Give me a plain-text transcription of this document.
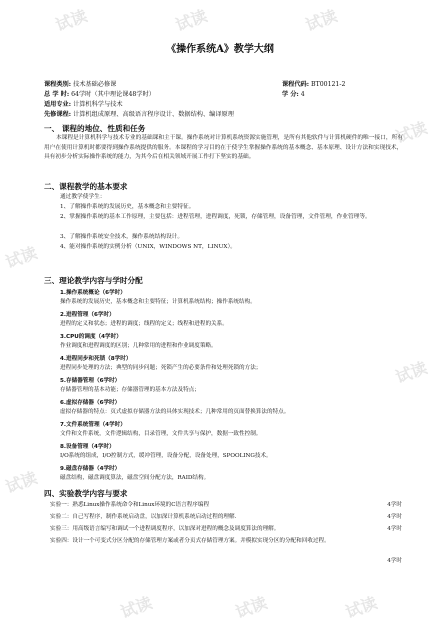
试读	试读	试读
试读
试读
试读
试读
试读	试读	试读
《操作系统A》教学大纲
课程类别: 技术基础必修课	课程代码: BT00121-2
总 学 时: 64学时（其中理论课48学时）	学 分: 4
适用专业: 计算机科学与技术
先修课程: 计算机组成原理、高级语言程序设计、数据结构、编译原理
一、 课程的地位、性质和任务
本课程是计算机科学与技术专业的基础课和主干课。操作系统对计算机系统资源实施管理，是所有其他软件与计算机硬件的唯一接口，所有用户在使用计算机时都要得到操作系统提供的服务。本课程的学习目的在于使学生掌握操作系统的基本概念、基本原理、设计方法和实现技术，具有初步分析实际操作系统的能力，为其今后在相关领域开展工作打下坚实的基础。
二、课程教学的基本要求
通过教学使学生：
1、了解操作系统的发展历史，基本概念和主要特征。
2、掌握操作系统的基本工作原理，主要包括：进程管理，进程调度，死锁，存储管理，设备管理，文件管理，作业管理等。
3、了解操作系统安全技术，操作系统结构设计。
4、能对操作系统的实例分析（UNIX，WINDOWS NT，LINUX）。
三、理论教学内容与学时分配
1.操作系统概论（6学时）
操作系统的发展历史，基本概念和主要特征；计算机系统结构；操作系统结构。
2.进程管理（6学时）
进程的定义和状态；进程的调度；线程的定义；线程和进程的关系。
3.CPU的调度（4学时）
作业调度和进程调度的区别；几种常用的进程和作业调度策略。
4.进程同步和死锁（8学时）
进程同步处理的方法；典型的同步问题；死锁产生的必要条件和处理死锁的方法；
5.存储器管理（6学时）
存储器管理的基本功能；存储器管理的基本方法及特点；
6.虚拟存储器（6学时）
虚拟存储器的特点：页式虚拟存储器方法的具体实现技术；几种常用的页面替换算法的特点。
7.文件系统管理（4学时）
文件和文件系统，文件逻辑结构，目录管理，文件共享与保护，数据一致性控制。
8.设备管理（4学时）
I/O系统的组成，I/O控制方式，缓冲管理，设备分配，设备处理，SPOOLING技术。
9.磁盘存储器（4学时）
磁盘结构，磁盘调度算法，磁盘空间分配方法，RAID结构。
四、实验教学内容与要求
实验一：熟悉Linux操作系统命令和Linux环境的C语言程序编程	4学时
实验二：自己写程序，制作系统启动盘，以加深计算机系统启动过程的理解.	4学时
实验三：用高级语言编写和调试一个进程调度程序，以加深对进程的概念及调度算法的理解。	4学时
实验四：设计一个可变式分区分配的存储管理方案或者分页式存储管理方案。并模拟实现分区的分配和回收过程。
4学时
